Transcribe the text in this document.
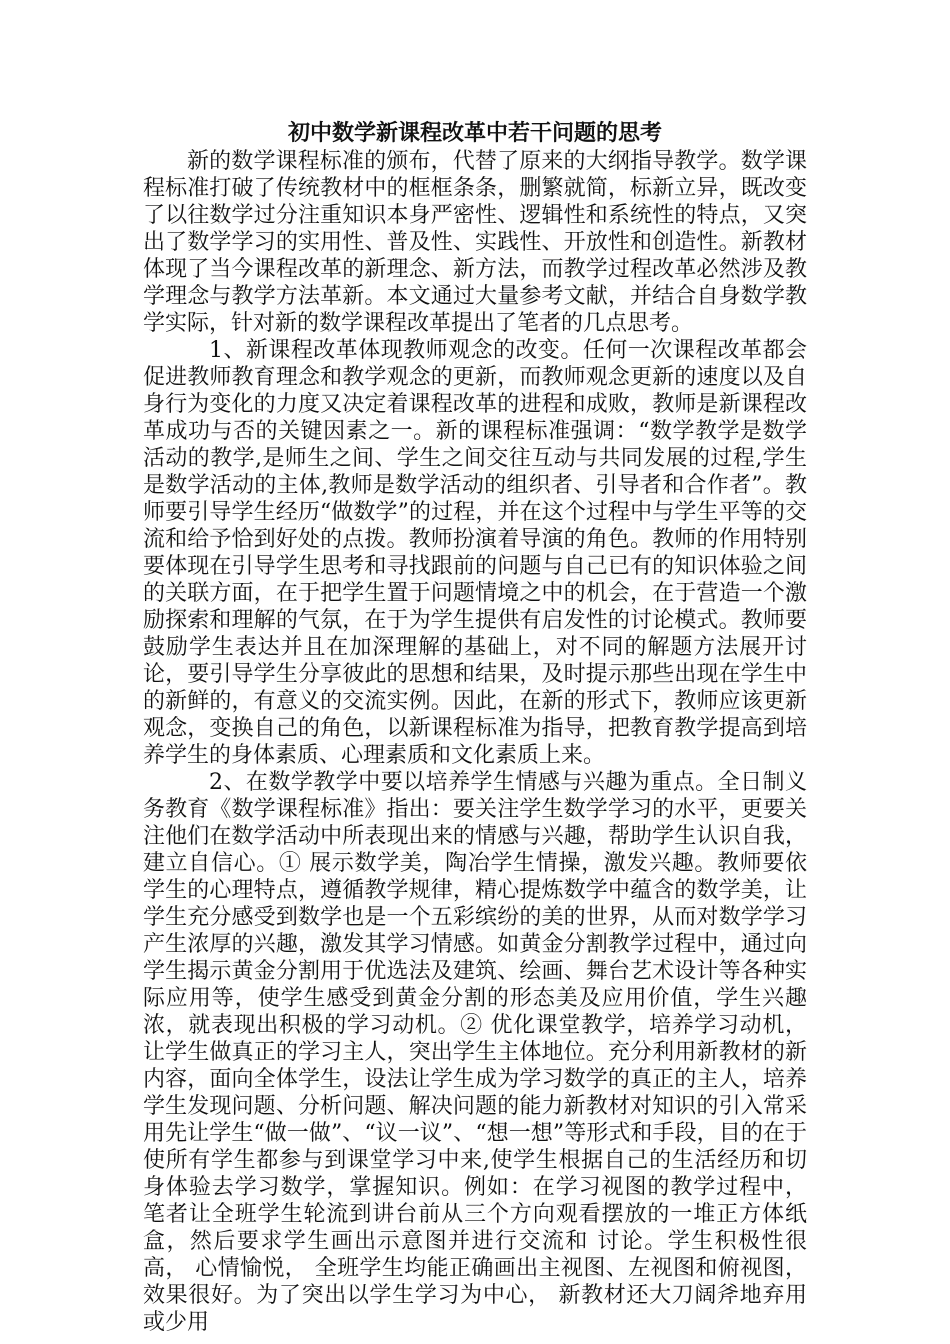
初中数学新课程改革中若干问题的思考

新的数学课程标准的颁布，代替了原来的大纲指导教学。数学课程标准打破了传统教材中的框框条条，删繁就简，标新立异，既改变了以往数学过分注重知识本身严密性、逻辑性和系统性的特点，又突出了数学学习的实用性、普及性、实践性、开放性和创造性。新教材体现了当今课程改革的新理念、新方法，而教学过程改革必然涉及教学理念与教学方法革新。本文通过大量参考文献，并结合自身数学教学实际，针对新的数学课程改革提出了笔者的几点思考。

1、新课程改革体现教师观念的改变。任何一次课程改革都会促进教师教育理念和教学观念的更新，而教师观念更新的速度以及自身行为变化的力度又决定着课程改革的进程和成败，教师是新课程改革成功与否的关键因素之一。新的课程标准强调：“数学教学是数学活动的教学,是师生之间、学生之间交往互动与共同发展的过程,学生是数学活动的主体,教师是数学活动的组织者、引导者和合作者”。教师要引导学生经历“做数学”的过程，并在这个过程中与学生平等的交流和给予恰到好处的点拨。教师扮演着导演的角色。教师的作用特别要体现在引导学生思考和寻找跟前的问题与自己已有的知识体验之间的关联方面，在于把学生置于问题情境之中的机会，在于营造一个激励探索和理解的气氛，在于为学生提供有启发性的讨论模式。教师要鼓励学生表达并且在加深理解的基础上，对不同的解题方法展开讨论，要引导学生分享彼此的思想和结果，及时提示那些出现在学生中的新鲜的，有意义的交流实例。因此，在新的形式下，教师应该更新观念，变换自己的角色，以新课程标准为指导，把教育教学提高到培养学生的身体素质、心理素质和文化素质上来。

2、在数学教学中要以培养学生情感与兴趣为重点。全日制义务教育《数学课程标准》指出：要关注学生数学学习的水平，更要关注他们在数学活动中所表现出来的情感与兴趣，帮助学生认识自我，建立自信心。① 展示数学美，陶冶学生情操，激发兴趣。教师要依学生的心理特点，遵循教学规律，精心提炼数学中蕴含的数学美，让学生充分感受到数学也是一个五彩缤纷的美的世界，从而对数学学习产生浓厚的兴趣，激发其学习情感。如黄金分割教学过程中，通过向学生揭示黄金分割用于优选法及建筑、绘画、舞台艺术设计等各种实际应用等，使学生感受到黄金分割的形态美及应用价值，学生兴趣浓，就表现出积极的学习动机。② 优化课堂教学，培养学习动机，让学生做真正的学习主人，突出学生主体地位。充分利用新教材的新内容，面向全体学生，设法让学生成为学习数学的真正的主人，培养学生发现问题、分析问题、解决问题的能力新教材对知识的引入常采用先让学生“做一做”、“议一议”、“想一想”等形式和手段，目的在于使所有学生都参与到课堂学习中来,使学生根据自己的生活经历和切身体验去学习数学，掌握知识。例如：在学习视图的教学过程中， 笔者让全班学生轮流到讲台前从三个方向观看摆放的一堆正方体纸盒，然后要求学生画出示意图并进行交流和 讨论。学生积极性很高， 心情愉悦， 全班学生均能正确画出主视图、左视图和俯视图， 效果很好。为了突出以学生学习为中心， 新教材还大刀阔斧地弃用或少用
